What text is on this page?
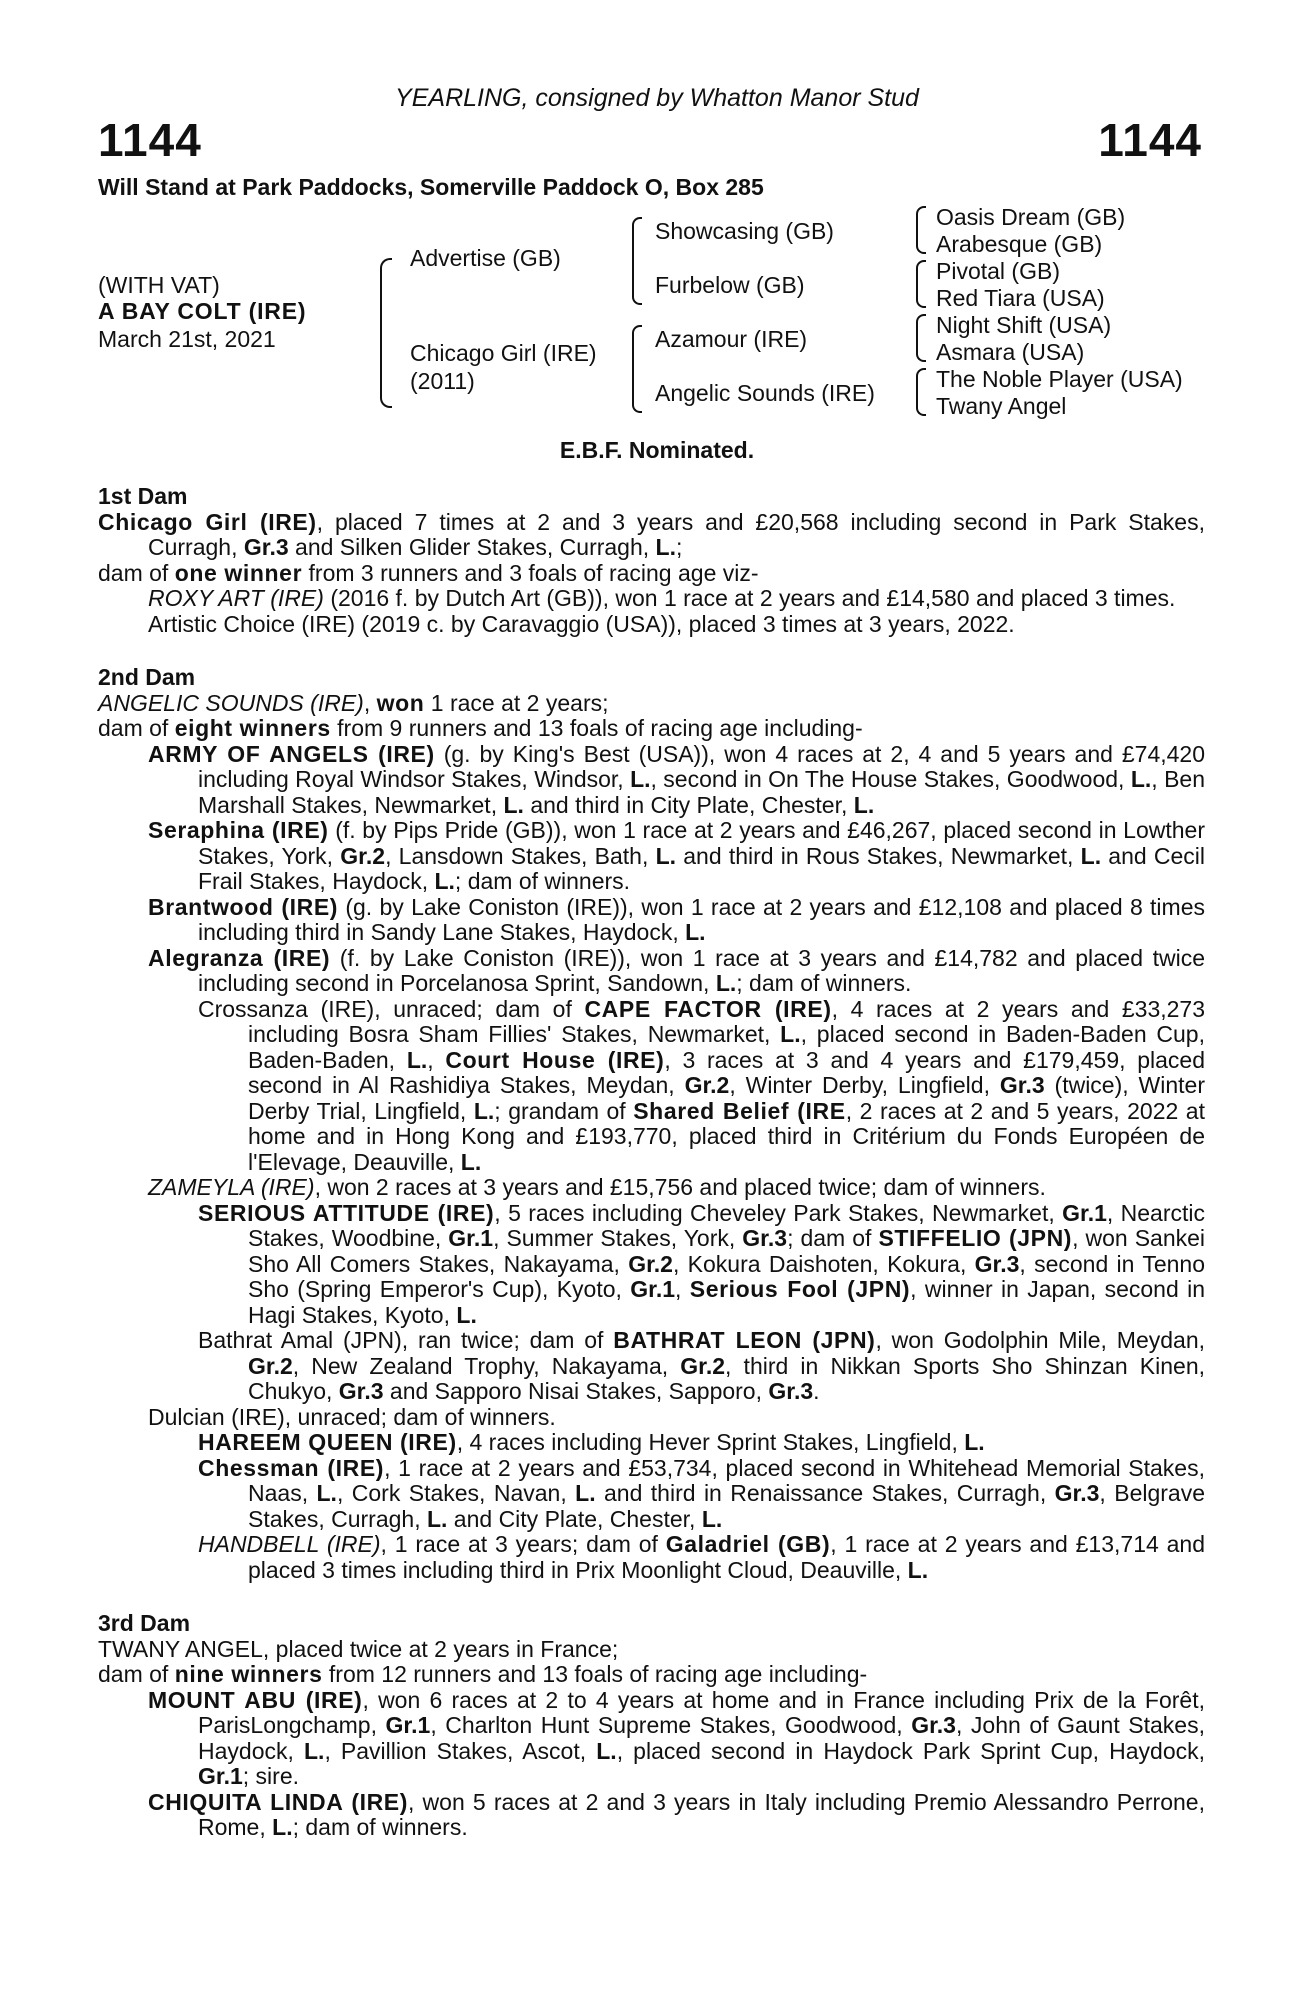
YEARLING, consigned by Whatton Manor Stud
1144	1144
Will Stand at Park Paddocks, Somerville Paddock O, Box 285
(WITH VAT)
A BAY COLT (IRE)
March 21st, 2021
Advertise (GB)
Chicago Girl (IRE)
(2011)
Showcasing (GB)
Furbelow (GB)
Azamour (IRE)
Angelic Sounds (IRE)
Oasis Dream (GB)
Arabesque (GB)
Pivotal (GB)
Red Tiara (USA)
Night Shift (USA)
Asmara (USA)
The Noble Player (USA)
Twany Angel
E.B.F. Nominated.
1st Dam
Chicago Girl (IRE), placed 7 times at 2 and 3 years and £20,568 including second in Park Stakes, Curragh, Gr.3 and Silken Glider Stakes, Curragh, L.;
dam of one winner from 3 runners and 3 foals of racing age viz-
ROXY ART (IRE) (2016 f. by Dutch Art (GB)), won 1 race at 2 years and £14,580 and placed 3 times.
Artistic Choice (IRE) (2019 c. by Caravaggio (USA)), placed 3 times at 3 years, 2022.
2nd Dam
ANGELIC SOUNDS (IRE), won 1 race at 2 years;
dam of eight winners from 9 runners and 13 foals of racing age including-
ARMY OF ANGELS (IRE) (g. by King's Best (USA)), won 4 races at 2, 4 and 5 years and £74,420 including Royal Windsor Stakes, Windsor, L., second in On The House Stakes, Goodwood, L., Ben Marshall Stakes, Newmarket, L. and third in City Plate, Chester, L.
Seraphina (IRE) (f. by Pips Pride (GB)), won 1 race at 2 years and £46,267, placed second in Lowther Stakes, York, Gr.2, Lansdown Stakes, Bath, L. and third in Rous Stakes, Newmarket, L. and Cecil Frail Stakes, Haydock, L.; dam of winners.
Brantwood (IRE) (g. by Lake Coniston (IRE)), won 1 race at 2 years and £12,108 and placed 8 times including third in Sandy Lane Stakes, Haydock, L.
Alegranza (IRE) (f. by Lake Coniston (IRE)), won 1 race at 3 years and £14,782 and placed twice including second in Porcelanosa Sprint, Sandown, L.; dam of winners.
Crossanza (IRE), unraced; dam of CAPE FACTOR (IRE), 4 races at 2 years and £33,273 including Bosra Sham Fillies' Stakes, Newmarket, L., placed second in Baden-Baden Cup, Baden-Baden, L., Court House (IRE), 3 races at 3 and 4 years and £179,459, placed second in Al Rashidiya Stakes, Meydan, Gr.2, Winter Derby, Lingfield, Gr.3 (twice), Winter Derby Trial, Lingfield, L.; grandam of Shared Belief (IRE, 2 races at 2 and 5 years, 2022 at home and in Hong Kong and £193,770, placed third in Critérium du Fonds Européen de l'Elevage, Deauville, L.
ZAMEYLA (IRE), won 2 races at 3 years and £15,756 and placed twice; dam of winners.
SERIOUS ATTITUDE (IRE), 5 races including Cheveley Park Stakes, Newmarket, Gr.1, Nearctic Stakes, Woodbine, Gr.1, Summer Stakes, York, Gr.3; dam of STIFFELIO (JPN), won Sankei Sho All Comers Stakes, Nakayama, Gr.2, Kokura Daishoten, Kokura, Gr.3, second in Tenno Sho (Spring Emperor's Cup), Kyoto, Gr.1, Serious Fool (JPN), winner in Japan, second in Hagi Stakes, Kyoto, L.
Bathrat Amal (JPN), ran twice; dam of BATHRAT LEON (JPN), won Godolphin Mile, Meydan, Gr.2, New Zealand Trophy, Nakayama, Gr.2, third in Nikkan Sports Sho Shinzan Kinen, Chukyo, Gr.3 and Sapporo Nisai Stakes, Sapporo, Gr.3.
Dulcian (IRE), unraced; dam of winners.
HAREEM QUEEN (IRE), 4 races including Hever Sprint Stakes, Lingfield, L.
Chessman (IRE), 1 race at 2 years and £53,734, placed second in Whitehead Memorial Stakes, Naas, L., Cork Stakes, Navan, L. and third in Renaissance Stakes, Curragh, Gr.3, Belgrave Stakes, Curragh, L. and City Plate, Chester, L.
HANDBELL (IRE), 1 race at 3 years; dam of Galadriel (GB), 1 race at 2 years and £13,714 and placed 3 times including third in Prix Moonlight Cloud, Deauville, L.
3rd Dam
TWANY ANGEL, placed twice at 2 years in France;
dam of nine winners from 12 runners and 13 foals of racing age including-
MOUNT ABU (IRE), won 6 races at 2 to 4 years at home and in France including Prix de la Forêt, ParisLongchamp, Gr.1, Charlton Hunt Supreme Stakes, Goodwood, Gr.3, John of Gaunt Stakes, Haydock, L., Pavillion Stakes, Ascot, L., placed second in Haydock Park Sprint Cup, Haydock, Gr.1; sire.
CHIQUITA LINDA (IRE), won 5 races at 2 and 3 years in Italy including Premio Alessandro Perrone, Rome, L.; dam of winners.
